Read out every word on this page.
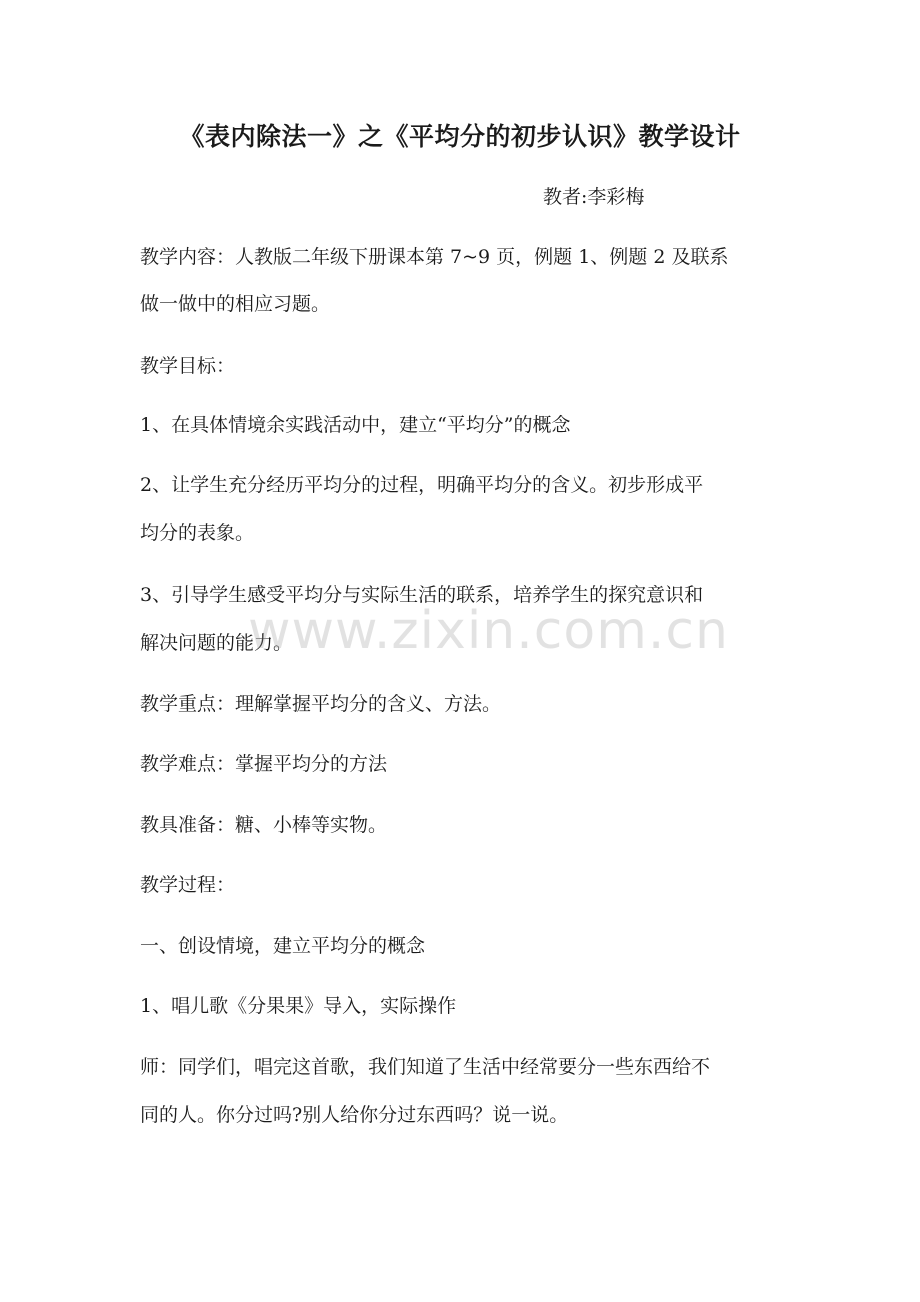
《表内除法一》之《平均分的初步认识》教学设计
教者:李彩梅
教学内容：人教版二年级下册课本第 7~9 页，例题 1、例题 2 及联系
做一做中的相应习题。
教学目标：
1、在具体情境余实践活动中，建立“平均分”的概念
2、让学生充分经历平均分的过程，明确平均分的含义。初步形成平
均分的表象。
3、引导学生感受平均分与实际生活的联系，培养学生的探究意识和
解决问题的能力。
教学重点：理解掌握平均分的含义、方法。
教学难点：掌握平均分的方法
教具准备：糖、小棒等实物。
教学过程：
一、创设情境，建立平均分的概念
1、唱儿歌《分果果》导入，实际操作
师：同学们，唱完这首歌，我们知道了生活中经常要分一些东西给不
同的人。你分过吗?别人给你分过东西吗？说一说。
www.zixin.com.cn
